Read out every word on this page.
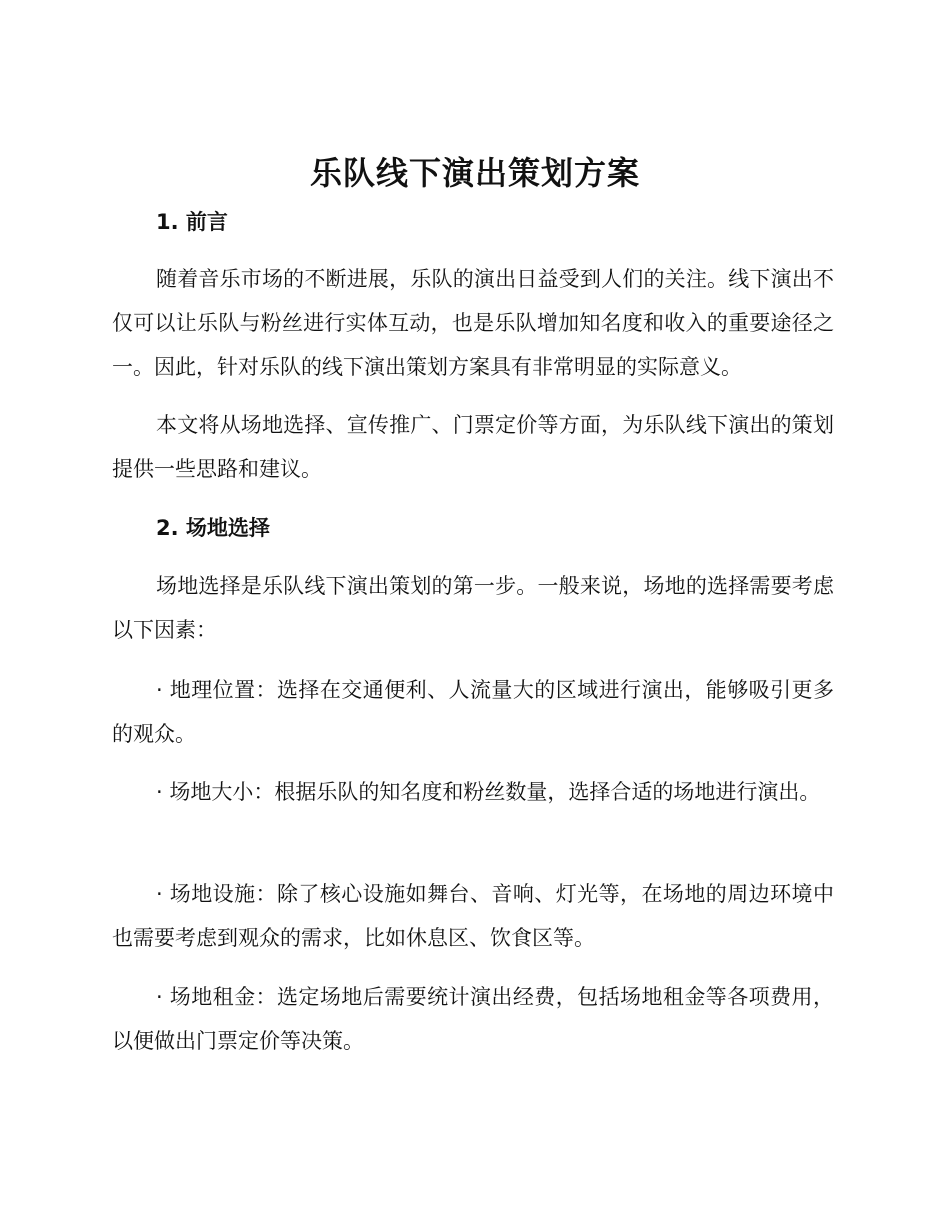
乐队线下演出策划方案
1. 前言

随着音乐市场的不断进展，乐队的演出日益受到人们的关注。线下演出不仅可以让乐队与粉丝进行实体互动，也是乐队增加知名度和收入的重要途径之一。因此，针对乐队的线下演出策划方案具有非常明显的实际意义。

本文将从场地选择、宣传推广、门票定价等方面，为乐队线下演出的策划提供一些思路和建议。

2. 场地选择

场地选择是乐队线下演出策划的第一步。一般来说，场地的选择需要考虑以下因素：

· 地理位置：选择在交通便利、人流量大的区域进行演出，能够吸引更多的观众。

· 场地大小：根据乐队的知名度和粉丝数量，选择合适的场地进行演出。

· 场地设施：除了核心设施如舞台、音响、灯光等，在场地的周边环境中也需要考虑到观众的需求，比如休息区、饮食区等。

· 场地租金：选定场地后需要统计演出经费，包括场地租金等各项费用，以便做出门票定价等决策。
